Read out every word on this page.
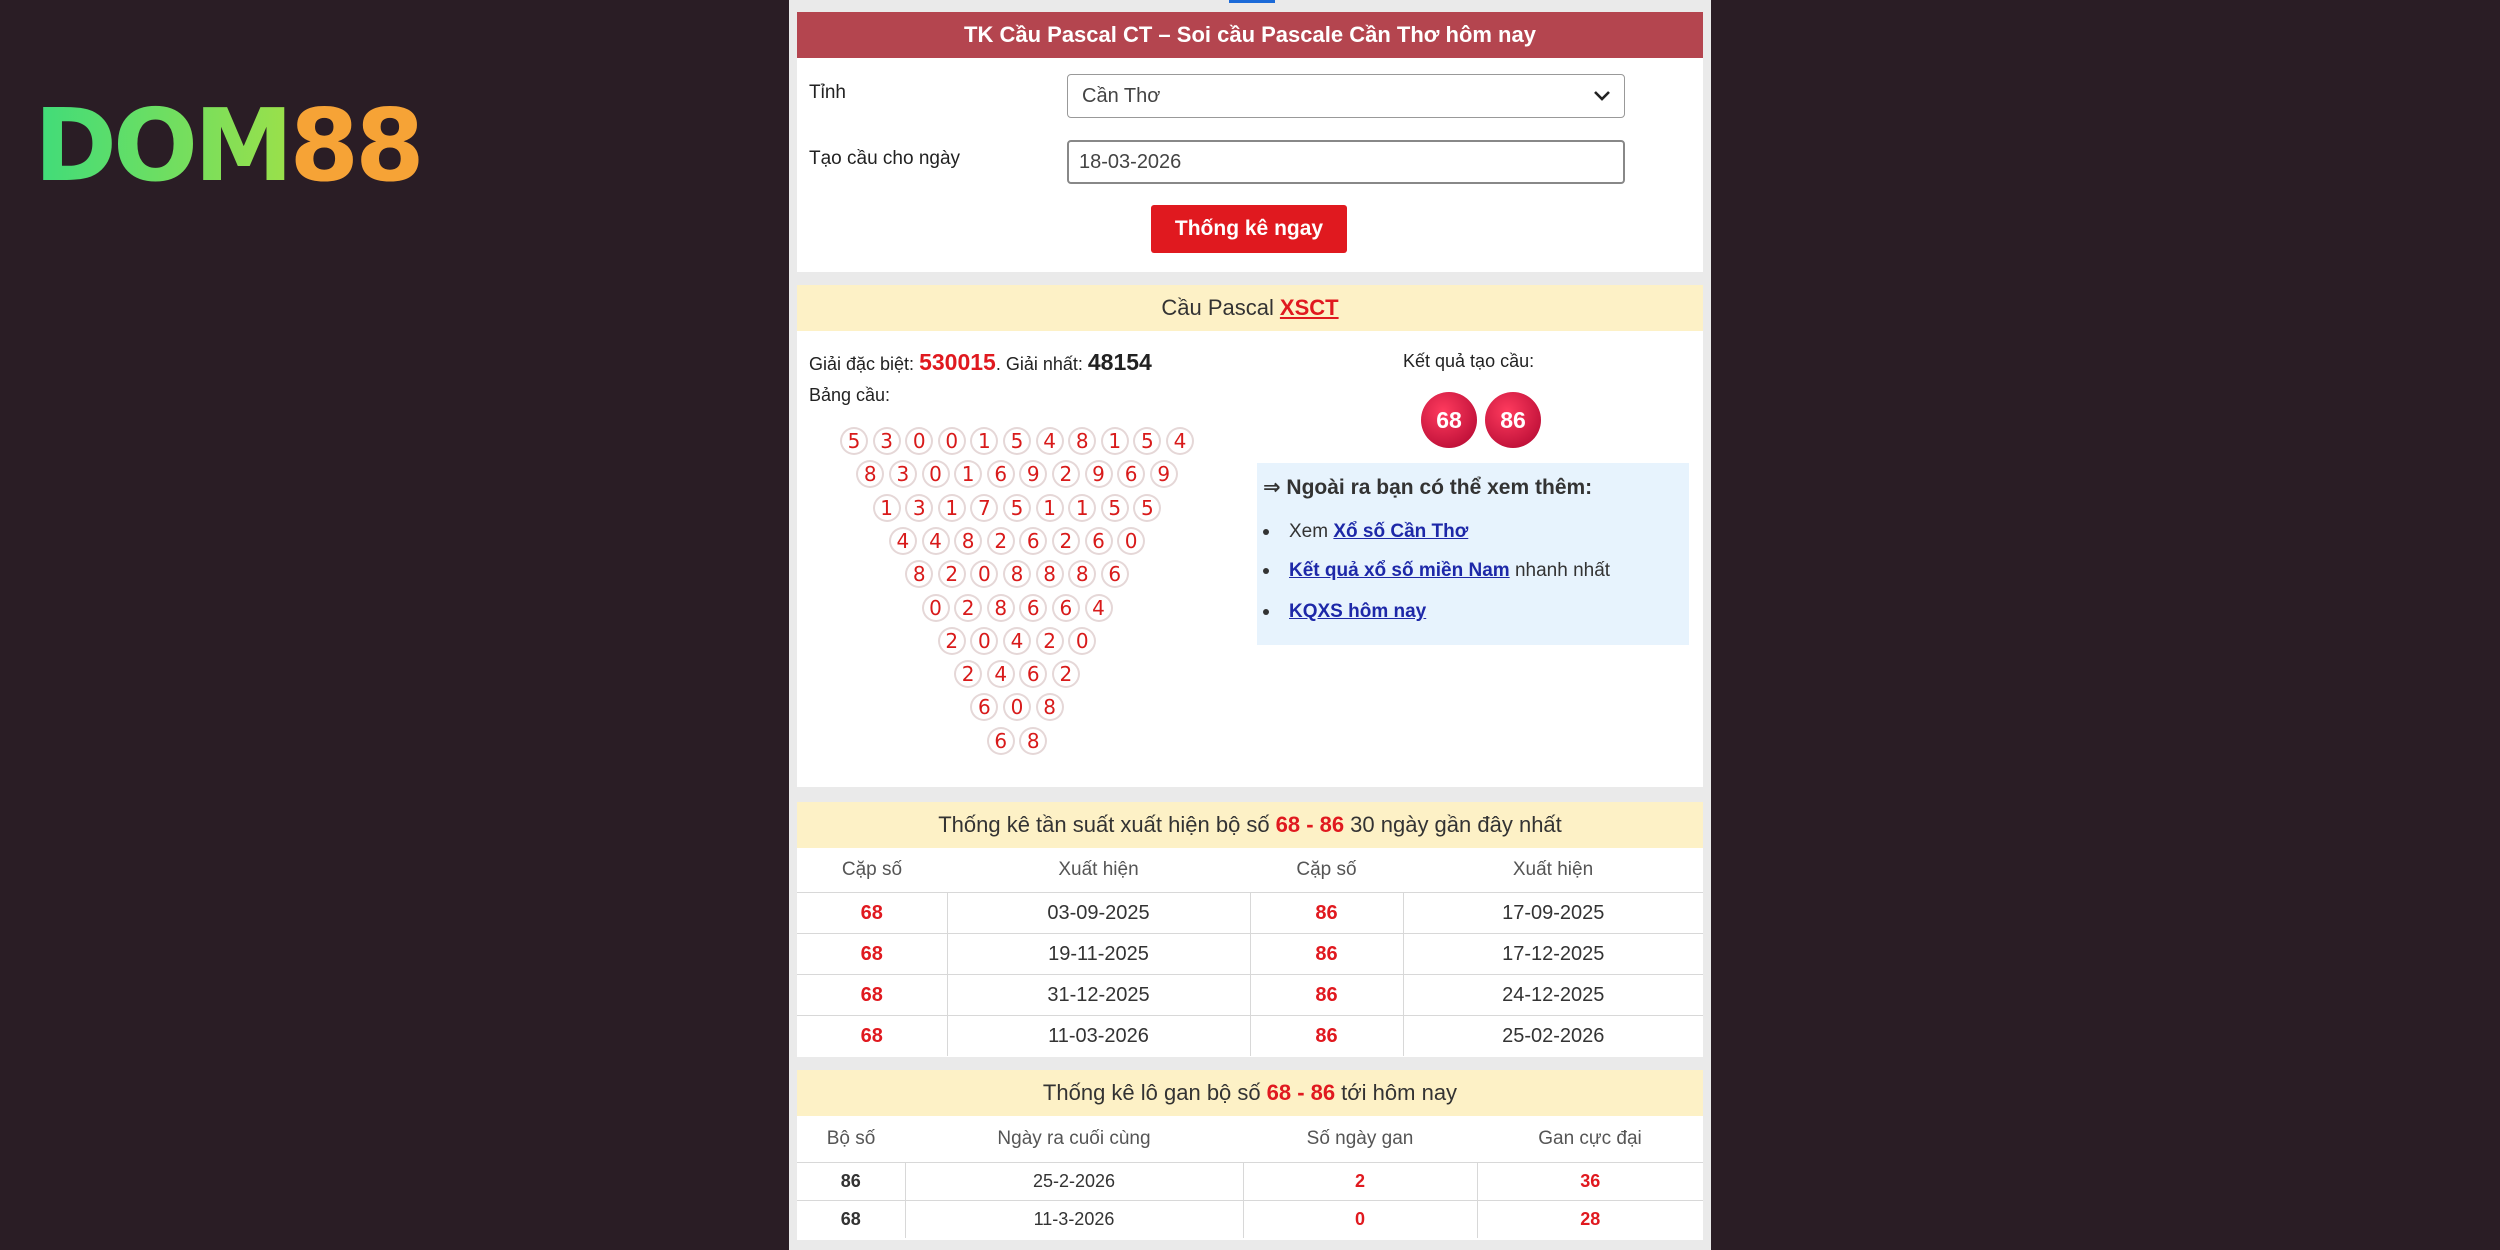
DOM 88
TK Cầu Pascal CT – Soi cầu Pascale Cần Thơ hôm nay
Tỉnh	Cần Thơ
Tạo cầu cho ngày	18-03-2026
Thống kê ngay
Cầu Pascal XSCT
Giải đặc biệt: 530015. Giải nhất: 48154
Bảng cầu:
5 3 0 0 1 5 4 8 1 5 4
8 3 0 1 6 9 2 9 6 9
1 3 1 7 5 1 1 5 5
4 4 8 2 6 2 6 0
8 2 0 8 8 8 6
0 2 8 6 6 4
2 0 4 2 0
2 4 6 2
6 0 8
6 8
Kết quả tạo cầu:
68	86
⇒ Ngoài ra bạn có thể xem thêm:
Xem Xổ số Cần Thơ
Kết quả xổ số miền Nam nhanh nhất
KQXS hôm nay
Thống kê tần suất xuất hiện bộ số 68 - 86 30 ngày gần đây nhất
Cặp số	Xuất hiện	Cặp số	Xuất hiện
68	03-09-2025	86	17-09-2025
68	19-11-2025	86	17-12-2025
68	31-12-2025	86	24-12-2025
68	11-03-2026	86	25-02-2026
Thống kê lô gan bộ số 68 - 86 tới hôm nay
Bộ số	Ngày ra cuối cùng	Số ngày gan	Gan cực đại
86	25-2-2026	2	36
68	11-3-2026	0	28
